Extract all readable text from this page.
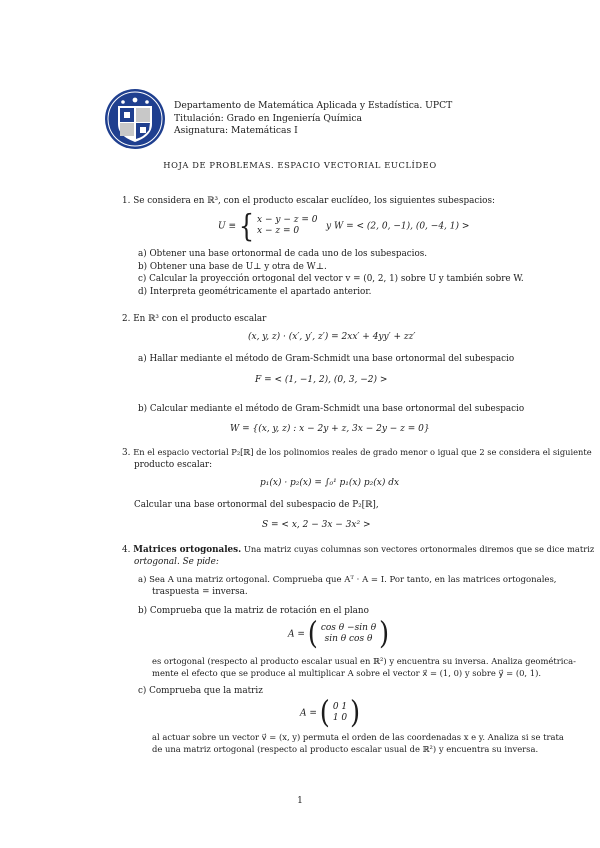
Departamento de Matemática Aplicada y Estadística. UPCT
Titulación: Grado en Ingeniería Química
Asignatura: Matemáticas I
HOJA DE PROBLEMAS. ESPACIO VECTORIAL EUCLÍDEO
1. Se considera en ℝ³, con el producto escalar euclídeo, los siguientes subespacios:
U ≡ { x − y − z = 0
x − z = 0	y W = < (2, 0, −1), (0, −4, 1) >
a) Obtener una base ortonormal de cada uno de los subespacios.
b) Obtener una base de U⊥ y otra de W⊥.
c) Calcular la proyección ortogonal del vector v = (0, 2, 1) sobre U y también sobre W.
d) Interpreta geométricamente el apartado anterior.
2. En ℝ³ con el producto escalar
(x, y, z) · (x′, y′, z′) = 2xx′ + 4yy′ + zz′
a) Hallar mediante el método de Gram-Schmidt una base ortonormal del subespacio
F = < (1, −1, 2), (0, 3, −2) >
b) Calcular mediante el método de Gram-Schmidt una base ortonormal del subespacio
W = {(x, y, z) : x − 2y + z, 3x − 2y − z = 0}
3. En el espacio vectorial P₂[ℝ] de los polinomios reales de grado menor o igual que 2 se considera el siguiente
producto escalar:
p₁(x) · p₂(x) = ∫₀¹ p₁(x) p₂(x) dx
Calcular una base ortonormal del subespacio de P₂[ℝ],
S = < x, 2 − 3x − 3x² >
4. Matrices ortogonales. Una matriz cuyas columnas son vectores ortonormales diremos que se dice matriz
ortogonal. Se pide:
a) Sea A una matriz ortogonal. Comprueba que Aᵀ · A = I. Por tanto, en las matrices ortogonales,
traspuesta = inversa.
b) Comprueba que la matriz de rotación en el plano
A = ( cos θ −sin θ
sin θ cos θ )
es ortogonal (respecto al producto escalar usual en ℝ²) y encuentra su inversa. Analiza geométrica-
mente el efecto que se produce al multiplicar A sobre el vector x⃗ = (1, 0) y sobre y⃗ = (0, 1).
c) Comprueba que la matriz
A = ( 0 1
1 0 )
al actuar sobre un vector v⃗ = (x, y) permuta el orden de las coordenadas x e y. Analiza si se trata
de una matriz ortogonal (respecto al producto escalar usual de ℝ²) y encuentra su inversa.
1
